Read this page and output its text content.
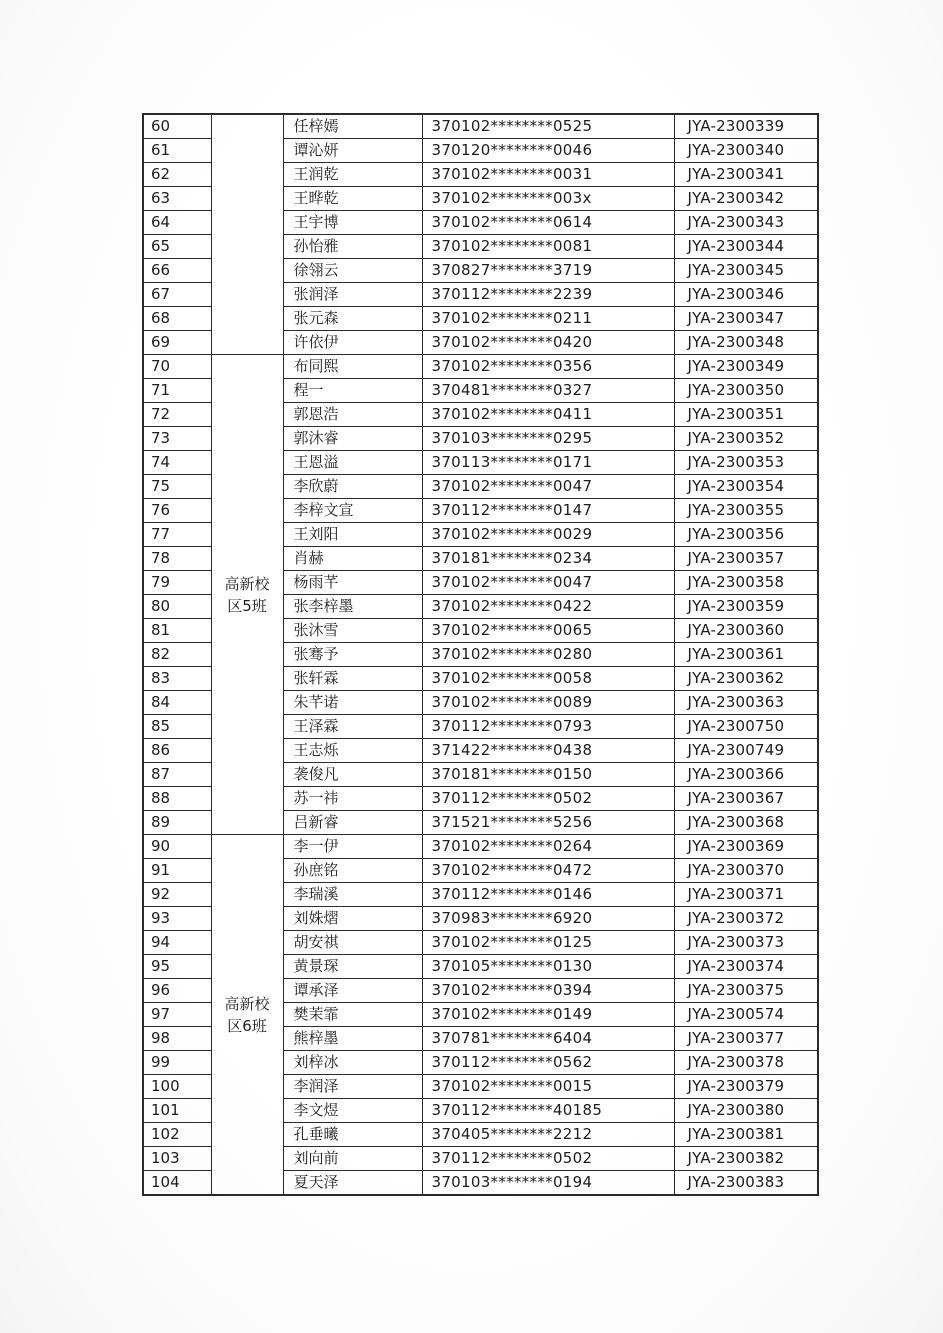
60		任梓嫣	370102********0525	JYA-2300339
61		谭沁妍	370120********0046	JYA-2300340
62		王润乾	370102********0031	JYA-2300341
63		王晔乾	370102********003x	JYA-2300342
64		王宇博	370102********0614	JYA-2300343
65		孙怡雅	370102********0081	JYA-2300344
66		徐翎云	370827********3719	JYA-2300345
67		张润泽	370112********2239	JYA-2300346
68		张元森	370102********0211	JYA-2300347
69		许依伊	370102********0420	JYA-2300348
70	高新校区5班	布同熙	370102********0356	JYA-2300349
71		程一	370481********0327	JYA-2300350
72		郭恩浩	370102********0411	JYA-2300351
73		郭沐睿	370103********0295	JYA-2300352
74		王恩溢	370113********0171	JYA-2300353
75		李欣蔚	370102********0047	JYA-2300354
76		李梓文宣	370112********0147	JYA-2300355
77		王刘阳	370102********0029	JYA-2300356
78		肖赫	370181********0234	JYA-2300357
79		杨雨芊	370102********0047	JYA-2300358
80		张李梓墨	370102********0422	JYA-2300359
81		张沐雪	370102********0065	JYA-2300360
82		张骞予	370102********0280	JYA-2300361
83		张轩霖	370102********0058	JYA-2300362
84		朱芊诺	370102********0089	JYA-2300363
85		王泽霖	370112********0793	JYA-2300750
86		王志烁	371422********0438	JYA-2300749
87		袭俊凡	370181********0150	JYA-2300366
88		苏一祎	370112********0502	JYA-2300367
89		吕新睿	371521********5256	JYA-2300368
90	高新校区6班	李一伊	370102********0264	JYA-2300369
91		孙庶铭	370102********0472	JYA-2300370
92		李瑞溪	370112********0146	JYA-2300371
93		刘姝熠	370983********6920	JYA-2300372
94		胡安祺	370102********0125	JYA-2300373
95		黄景琛	370105********0130	JYA-2300374
96		谭承泽	370102********0394	JYA-2300375
97		樊茉霏	370102********0149	JYA-2300574
98		熊梓墨	370781********6404	JYA-2300377
99		刘梓冰	370112********0562	JYA-2300378
100		李润泽	370102********0015	JYA-2300379
101		李文煜	370112********40185	JYA-2300380
102		孔垂曦	370405********2212	JYA-2300381
103		刘向前	370112********0502	JYA-2300382
104		夏天泽	370103********0194	JYA-2300383
